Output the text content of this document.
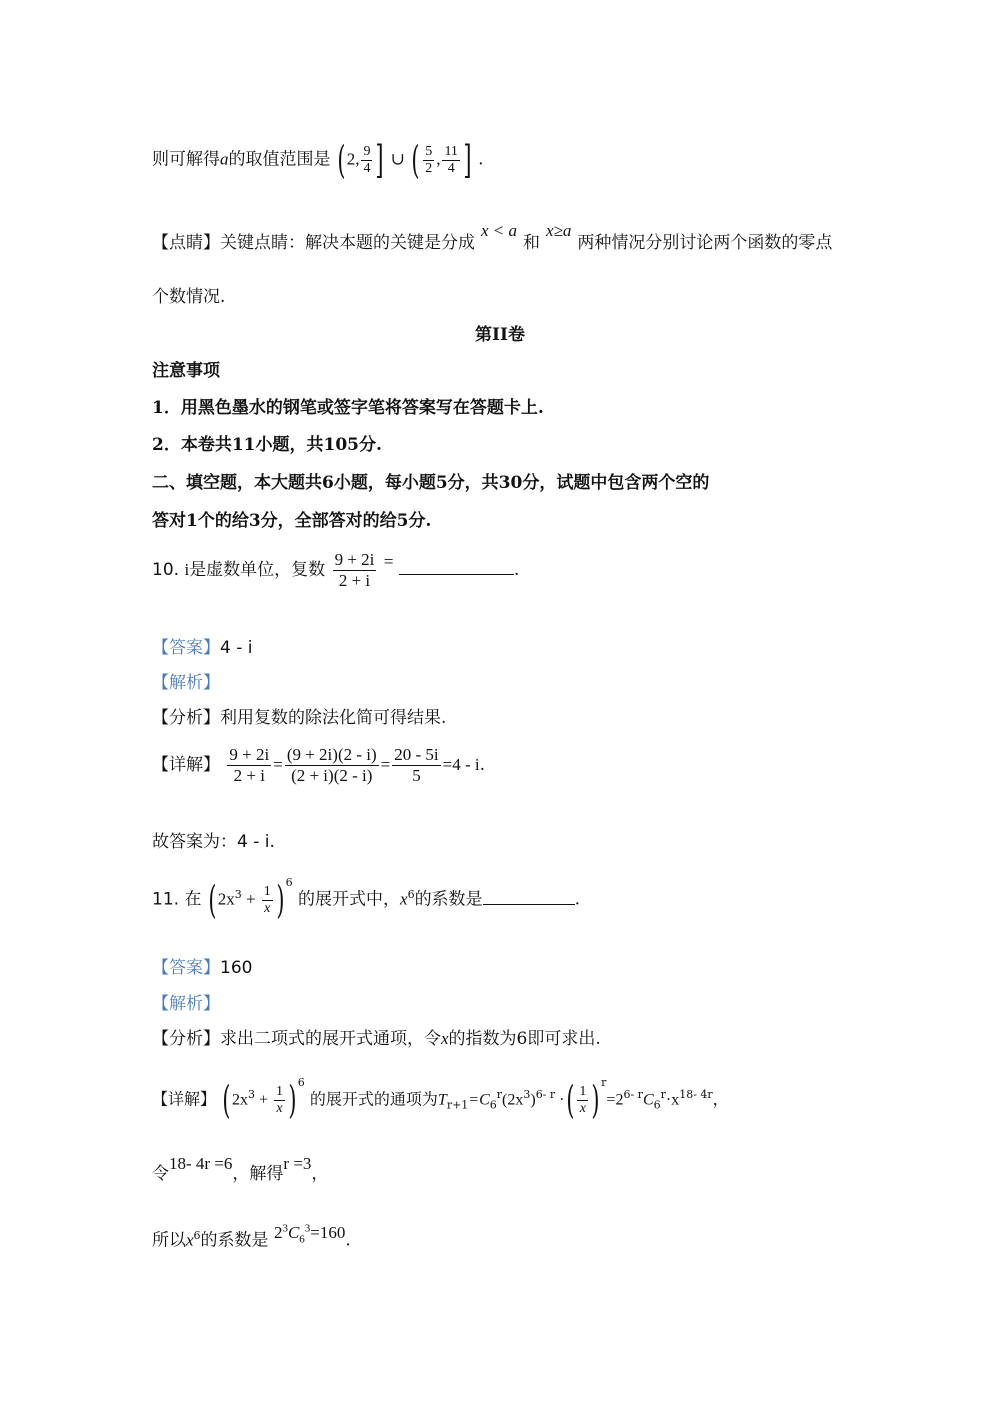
则可解得a的取值范围是 (2, $\frac{9}{4}$ ] ∪ ( $\frac{5}{2}$ , $\frac{11}{4}$ ] .
【点睛】关键点睛：解决本题的关键是分成x < a和x≥a两种情况分别讨论两个函数的零点
个数情况.
第II卷
注意事项
1．用黑色墨水的钢笔或签字笔将答案写在答题卡上.
2．本卷共11小题，共105分.
二、填空题，本大题共6小题，每小题5分，共30分，试题中包含两个空的
答对1个的给3分，全部答对的给5分.
10. i是虚数单位，复数 $\frac{9 + 2i}{2 + i}$ =	.
【答案】4 - i
【解析】
【分析】利用复数的除法化简可得结果.
【详解】 $\frac{9 + 2i}{2 + i} = \frac{(9 + 2i)(2 - i)}{(2 + i)(2 - i)} = \frac{20 - 5i}{5} =4 - i$.
故答案为：4 - i.
11. 在 $(2x^3 + \frac{1}{x} )^6$ 的展开式中，$x^6$的系数是	.
【答案】160
【解析】
【分析】求出二项式的展开式通项，令x的指数为6即可求出.
【详解】 $(2x^3 + \frac{1}{x} )^6$ 的展开式的通项为$T_{r+1}=C_6^r(2x^3)^{6- r}$ ·( $\frac{1}{x} )^r=2^{6- r}C_6^r\cdot x^{18- 4r}$，
令18- 4r =6，解得r =3，
所以$x^6$的系数是 $2^3C_6^3=160$.
